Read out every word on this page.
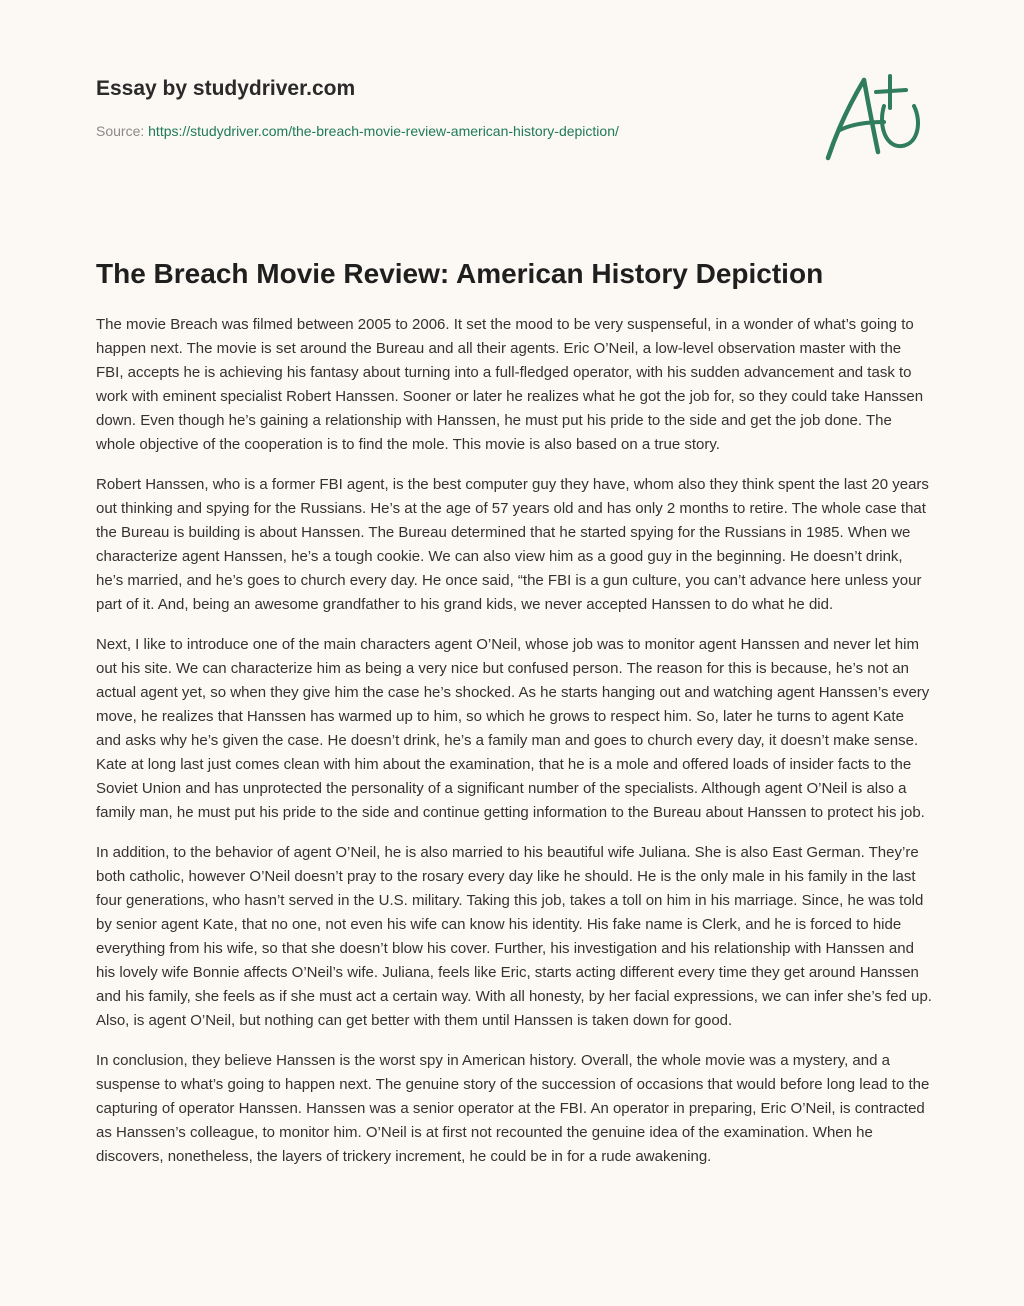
Essay by studydriver.com
Source: https://studydriver.com/the-breach-movie-review-american-history-depiction/
The Breach Movie Review: American History Depiction

The movie Breach was filmed between 2005 to 2006. It set the mood to be very suspenseful, in a wonder of what’s going to happen next. The movie is set around the Bureau and all their agents. Eric O’Neil, a low-level observation master with the FBI, accepts he is achieving his fantasy about turning into a full-fledged operator, with his sudden advancement and task to work with eminent specialist Robert Hanssen. Sooner or later he realizes what he got the job for, so they could take Hanssen down. Even though he’s gaining a relationship with Hanssen, he must put his pride to the side and get the job done. The whole objective of the cooperation is to find the mole. This movie is also based on a true story.

Robert Hanssen, who is a former FBI agent, is the best computer guy they have, whom also they think spent the last 20 years out thinking and spying for the Russians. He’s at the age of 57 years old and has only 2 months to retire. The whole case that the Bureau is building is about Hanssen. The Bureau determined that he started spying for the Russians in 1985. When we characterize agent Hanssen, he’s a tough cookie. We can also view him as a good guy in the beginning. He doesn’t drink, he’s married, and he’s goes to church every day. He once said, “the FBI is a gun culture, you can’t advance here unless your part of it. And, being an awesome grandfather to his grand kids, we never accepted Hanssen to do what he did.

Next, I like to introduce one of the main characters agent O’Neil, whose job was to monitor agent Hanssen and never let him out his site. We can characterize him as being a very nice but confused person. The reason for this is because, he’s not an actual agent yet, so when they give him the case he’s shocked. As he starts hanging out and watching agent Hanssen’s every move, he realizes that Hanssen has warmed up to him, so which he grows to respect him. So, later he turns to agent Kate and asks why he’s given the case. He doesn’t drink, he’s a family man and goes to church every day, it doesn’t make sense. Kate at long last just comes clean with him about the examination, that he is a mole and offered loads of insider facts to the Soviet Union and has unprotected the personality of a significant number of the specialists. Although agent O’Neil is also a family man, he must put his pride to the side and continue getting information to the Bureau about Hanssen to protect his job.

In addition, to the behavior of agent O’Neil, he is also married to his beautiful wife Juliana. She is also East German. They’re both catholic, however O’Neil doesn’t pray to the rosary every day like he should. He is the only male in his family in the last four generations, who hasn’t served in the U.S. military. Taking this job, takes a toll on him in his marriage. Since, he was told by senior agent Kate, that no one, not even his wife can know his identity. His fake name is Clerk, and he is forced to hide everything from his wife, so that she doesn’t blow his cover. Further, his investigation and his relationship with Hanssen and his lovely wife Bonnie affects O’Neil’s wife. Juliana, feels like Eric, starts acting different every time they get around Hanssen and his family, she feels as if she must act a certain way. With all honesty, by her facial expressions, we can infer she’s fed up. Also, is agent O’Neil, but nothing can get better with them until Hanssen is taken down for good.

In conclusion, they believe Hanssen is the worst spy in American history. Overall, the whole movie was a mystery, and a suspense to what’s going to happen next. The genuine story of the succession of occasions that would before long lead to the capturing of operator Hanssen. Hanssen was a senior operator at the FBI. An operator in preparing, Eric O’Neil, is contracted as Hanssen’s colleague, to monitor him. O’Neil is at first not recounted the genuine idea of the examination. When he discovers, nonetheless, the layers of trickery increment, he could be in for a rude awakening.
